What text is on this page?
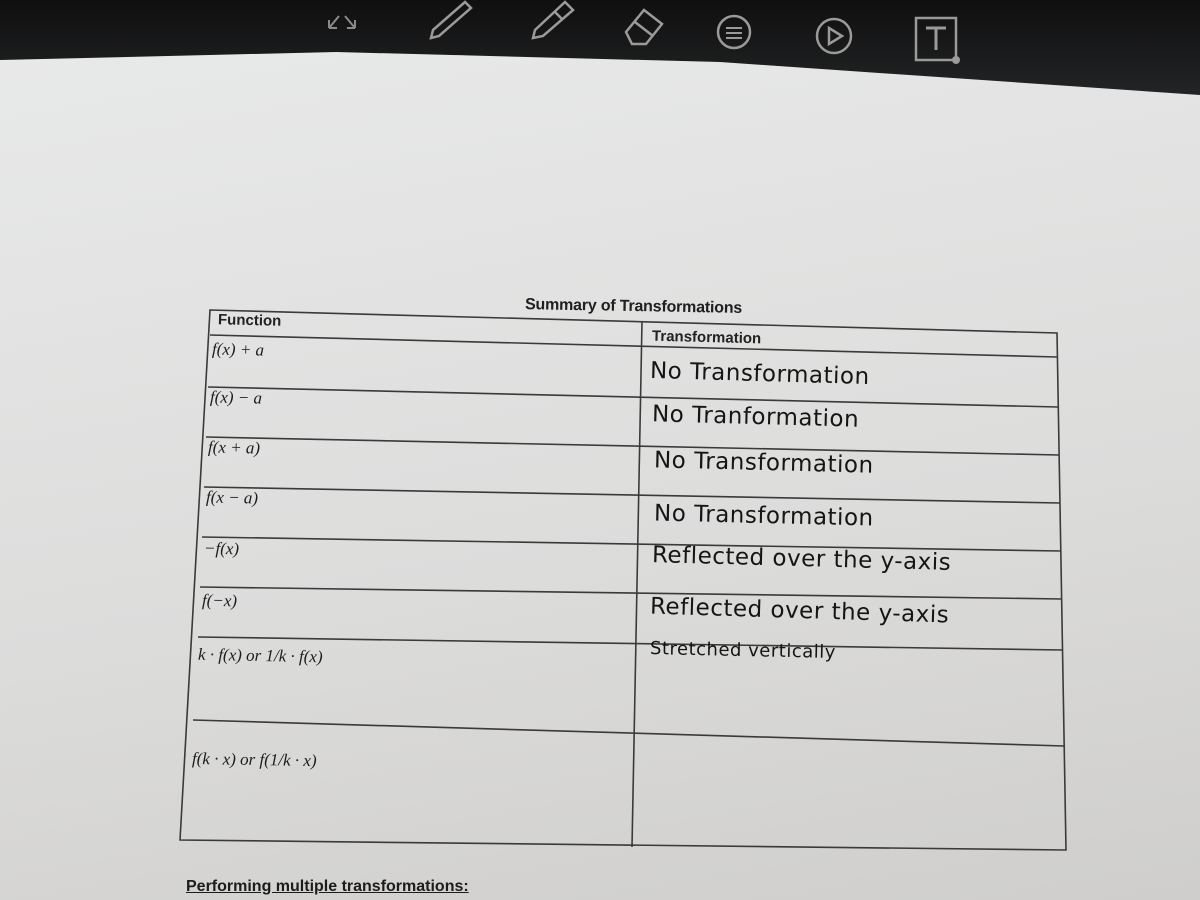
Summary of Transformations
Function
Transformation
f(x) + a
f(x) − a
f(x + a)
f(x − a)
−f(x)
f(−x)
k · f(x) or 1/k · f(x)
f(k · x) or f(1/k · x)
No Transformation
No Tranformation
No Transformation
No Transformation
Reflected over the y-axis
Reflected over the y-axis
Stretched vertically
Performing multiple transformations:
